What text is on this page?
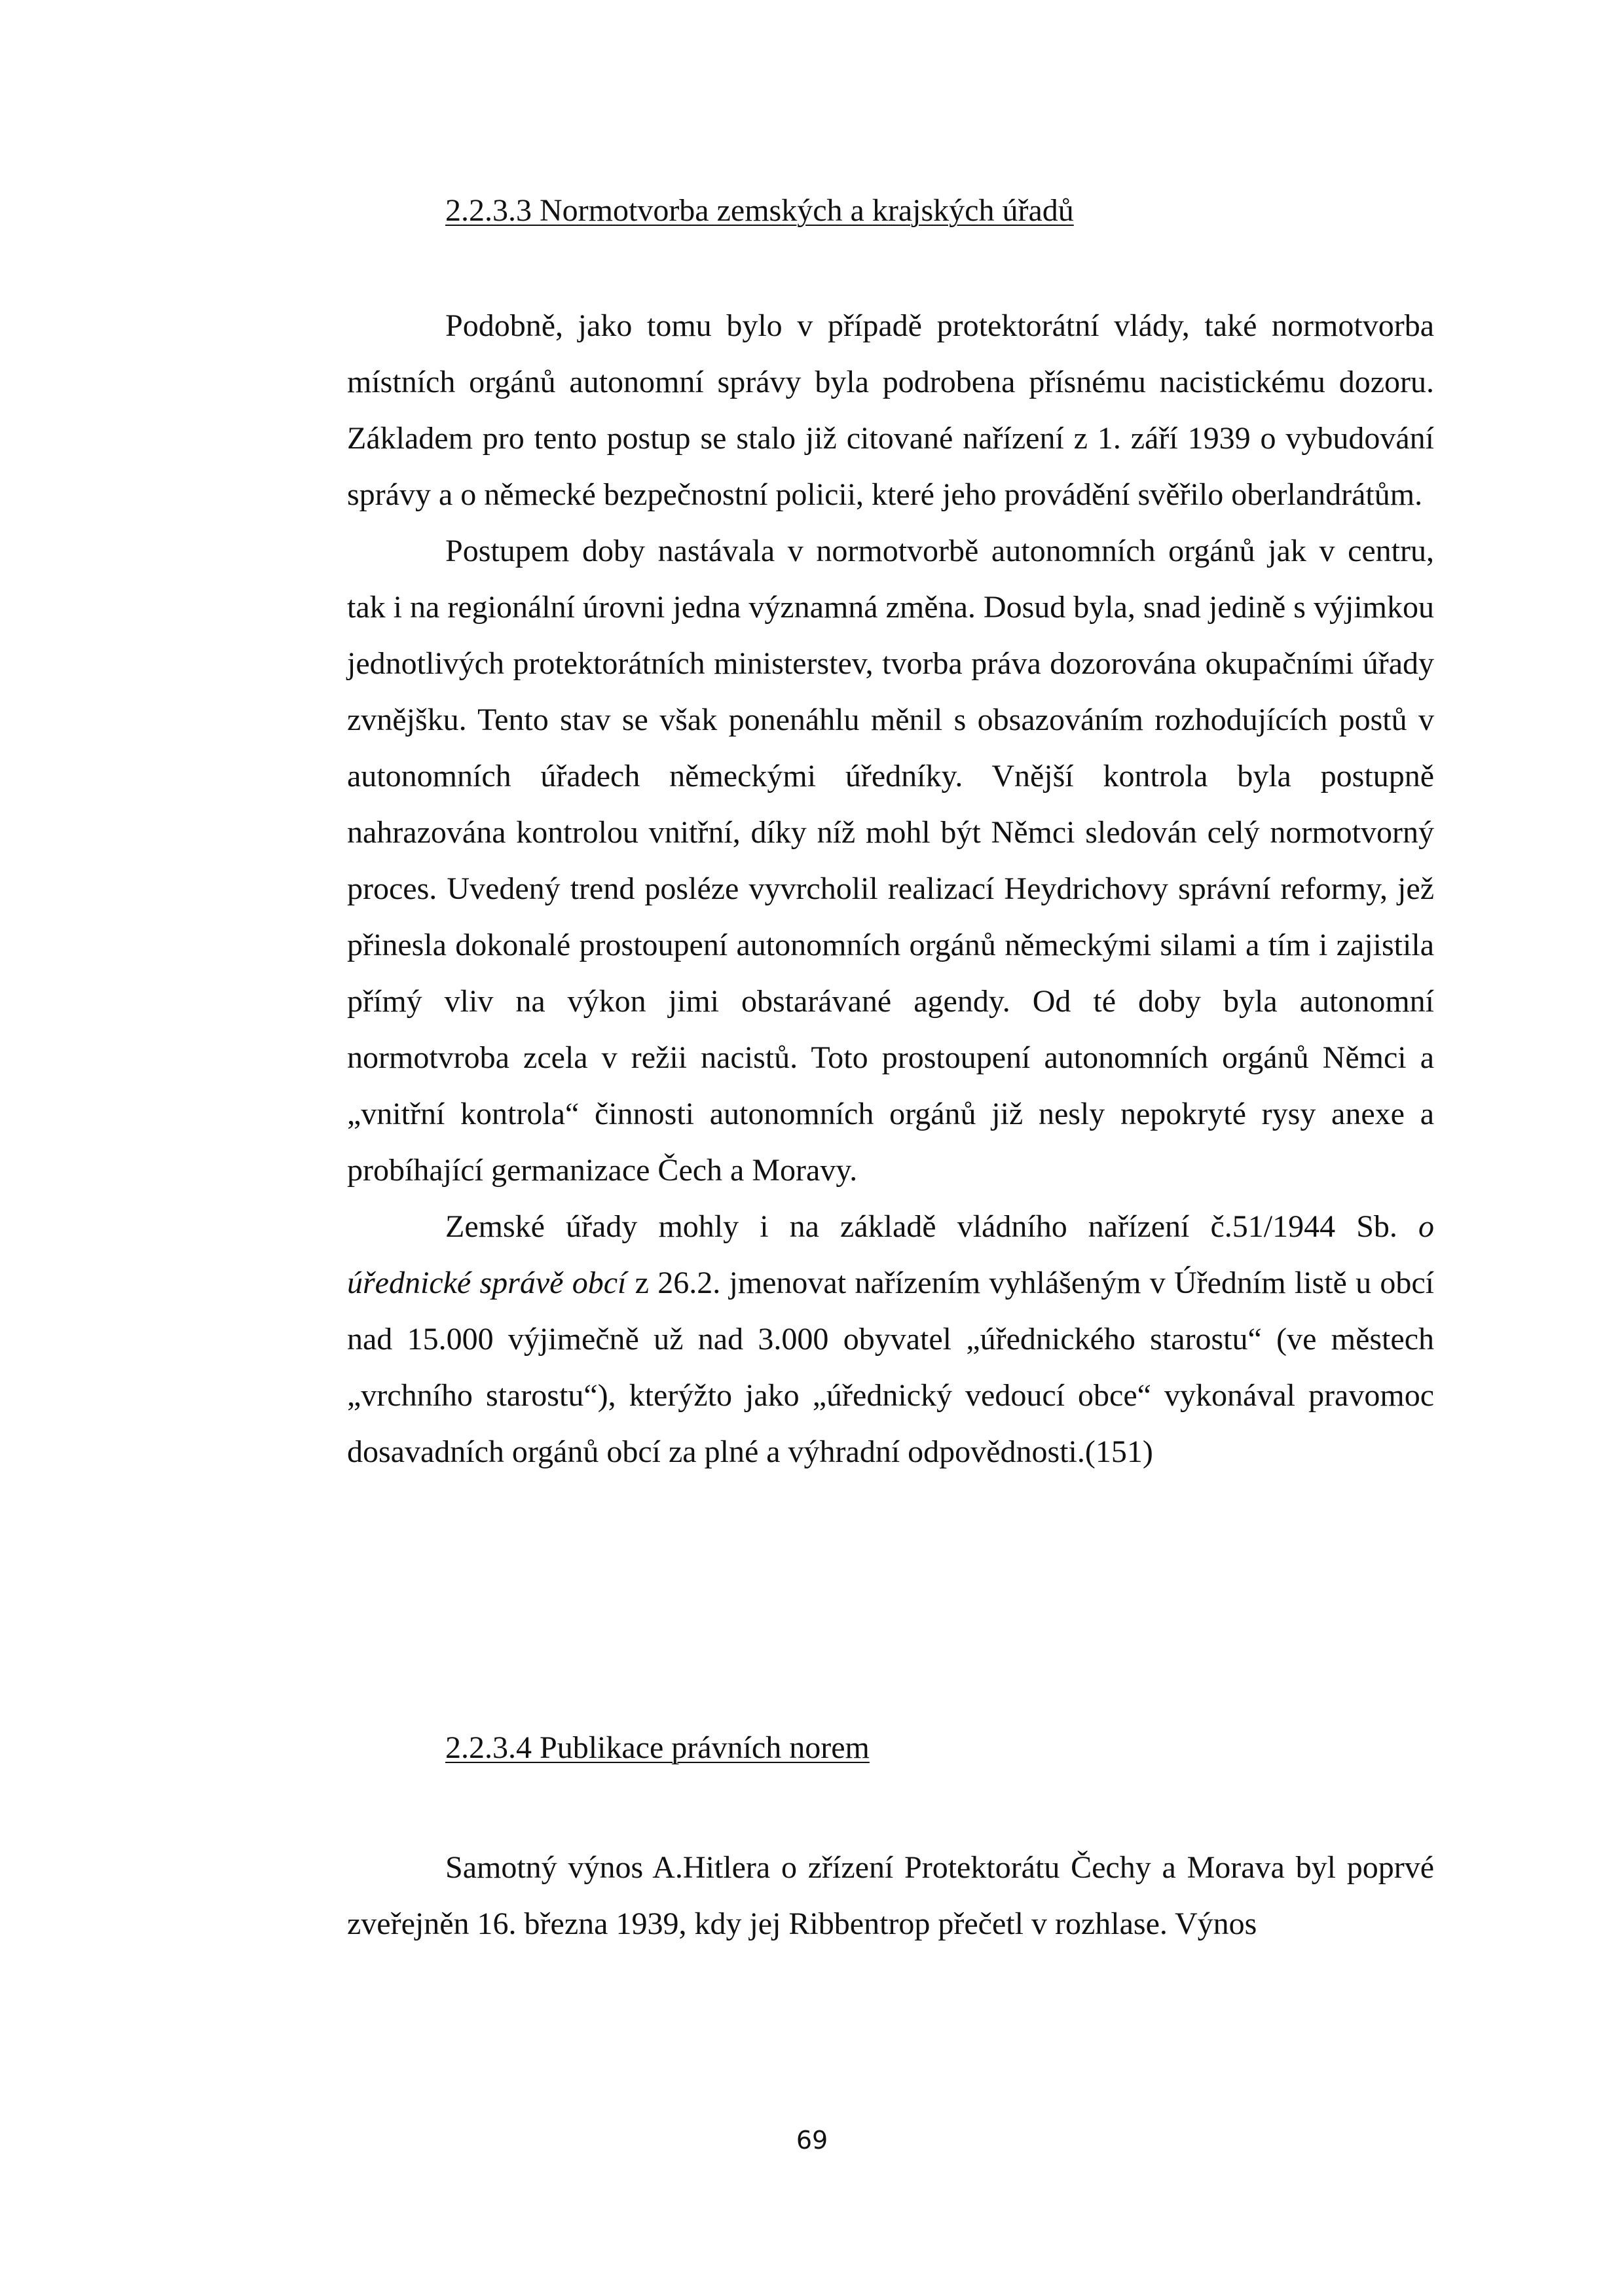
2.2.3.3 Normotvorba zemských a krajských úřadů

Podobně, jako tomu bylo v případě protektorátní vlády, také normotvorba místních orgánů autonomní správy byla podrobena přísnému nacistickému dozoru. Základem pro tento postup se stalo již citované nařízení z 1. září 1939 o vybudování správy a o německé bezpečnostní policii, které jeho provádění svěřilo oberlandrátům.

Postupem doby nastávala v normotvorbě autonomních orgánů jak v centru, tak i na regionální úrovni jedna významná změna. Dosud byla, snad jedině s výjimkou jednotlivých protektorátních ministerstev, tvorba práva dozorována okupačními úřady zvnějšku. Tento stav se však ponenáhlu měnil s obsazováním rozhodujících postů v autonomních úřadech německými úředníky. Vnější kontrola byla postupně nahrazována kontrolou vnitřní, díky níž mohl být Němci sledován celý normotvorný proces. Uvedený trend posléze vyvrcholil realizací Heydrichovy správní reformy, jež přinesla dokonalé prostoupení autonomních orgánů německými silami a tím i zajistila přímý vliv na výkon jimi obstarávané agendy. Od té doby byla autonomní normotvroba zcela v režii nacistů. Toto prostoupení autonomních orgánů Němci a „vnitřní kontrola“ činnosti autonomních orgánů již nesly nepokryté rysy anexe a probíhající germanizace Čech a Moravy.

Zemské úřady mohly i na základě vládního nařízení č.51/1944 Sb. o úřednické správě obcí z 26.2. jmenovat nařízením vyhlášeným v Úředním listě u obcí nad 15.000 výjimečně už nad 3.000 obyvatel „úřednického starostu“ (ve městech „vrchního starostu“), kterýžto jako „úřednický vedoucí obce“ vykonával pravomoc dosavadních orgánů obcí za plné a výhradní odpovědnosti.(151)

2.2.3.4 Publikace právních norem

Samotný výnos A.Hitlera o zřízení Protektorátu Čechy a Morava byl poprvé zveřejněn 16. března 1939, kdy jej Ribbentrop přečetl v rozhlase. Výnos

69
